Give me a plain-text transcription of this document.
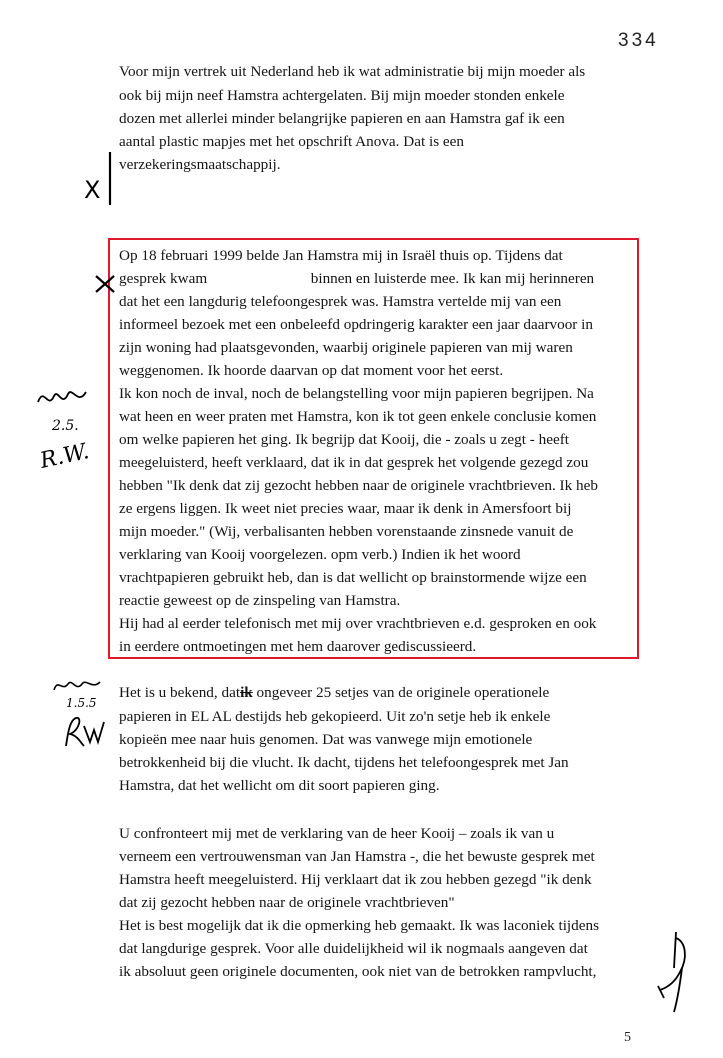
334
Voor mijn vertrek uit Nederland heb ik wat administratie bij mijn moeder als
ook bij mijn neef Hamstra achtergelaten. Bij mijn moeder stonden enkele
dozen met allerlei minder belangrijke papieren en aan Hamstra gaf ik een
aantal plastic mapjes met het opschrift Anova. Dat is een
verzekeringsmaatschappij.
X
Op 18 februari 1999 belde Jan Hamstra mij in Israël thuis op. Tijdens dat
gesprek kwam	binnen en luisterde mee. Ik kan mij herinneren
dat het een langdurig telefoongesprek was. Hamstra vertelde mij van een
informeel bezoek met een onbeleefd opdringerig karakter een jaar daarvoor in
zijn woning had plaatsgevonden, waarbij originele papieren van mij waren
weggenomen. Ik hoorde daarvan op dat moment voor het eerst.
Ik kon noch de inval, noch de belangstelling voor mijn papieren begrijpen. Na
wat heen en weer praten met Hamstra, kon ik tot geen enkele conclusie komen
om welke papieren het ging. Ik begrijp dat Kooij, die - zoals u zegt - heeft
meegeluisterd, heeft verklaard, dat ik in dat gesprek het volgende gezegd zou
hebben "Ik denk dat zij gezocht hebben naar de originele vrachtbrieven. Ik heb
ze ergens liggen. Ik weet niet precies waar, maar ik denk in Amersfoort bij
mijn moeder." (Wij, verbalisanten hebben vorenstaande zinsnede vanuit de
verklaring van Kooij voorgelezen. opm verb.) Indien ik het woord
vrachtpapieren gebruikt heb, dan is dat wellicht op brainstormende wijze een
reactie geweest op de zinspeling van Hamstra.
Hij had al eerder telefonisch met mij over vrachtbrieven e.d. gesproken en ook
in eerdere ontmoetingen met hem daarover gediscussieerd.
2.5.
R.W.
Het is u bekend, datik ongeveer 25 setjes van de originele operationele
papieren in EL AL destijds heb gekopieerd. Uit zo'n setje heb ik enkele
kopieën mee naar huis genomen. Dat was vanwege mijn emotionele
betrokkenheid bij die vlucht. Ik dacht, tijdens het telefoongesprek met Jan
Hamstra, dat het wellicht om dit soort papieren ging.
1.5.5
U confronteert mij met de verklaring van de heer Kooij – zoals ik van u
verneem een vertrouwensman van Jan Hamstra -, die het bewuste gesprek met
Hamstra heeft meegeluisterd. Hij verklaart dat ik zou hebben gezegd "ik denk
dat zij gezocht hebben naar de originele vrachtbrieven"
Het is best mogelijk dat ik die opmerking heb gemaakt. Ik was laconiek tijdens
dat langdurige gesprek. Voor alle duidelijkheid wil ik nogmaals aangeven dat
ik absoluut geen originele documenten, ook niet van de betrokken rampvlucht,
5
